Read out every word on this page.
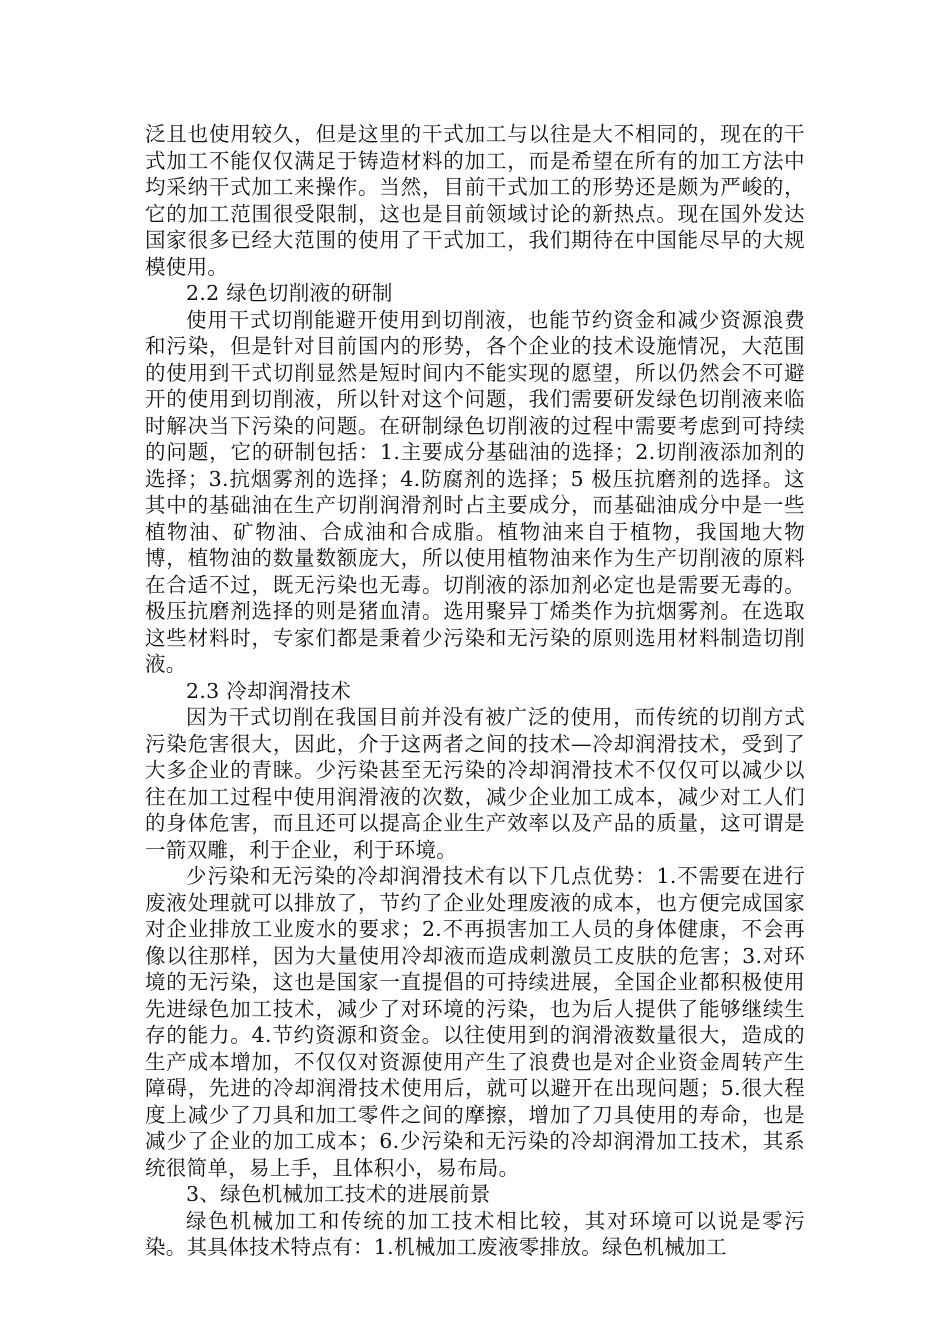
泛且也使用较久，但是这里的干式加工与以往是大不相同的，现在的干式加工不能仅仅满足于铸造材料的加工，而是希望在所有的加工方法中均采纳干式加工来操作。当然，目前干式加工的形势还是颇为严峻的，它的加工范围很受限制，这也是目前领域讨论的新热点。现在国外发达国家很多已经大范围的使用了干式加工，我们期待在中国能尽早的大规模使用。

2.2 绿色切削液的研制

使用干式切削能避开使用到切削液，也能节约资金和减少资源浪费和污染，但是针对目前国内的形势，各个企业的技术设施情况，大范围的使用到干式切削显然是短时间内不能实现的愿望，所以仍然会不可避开的使用到切削液，所以针对这个问题，我们需要研发绿色切削液来临时解决当下污染的问题。在研制绿色切削液的过程中需要考虑到可持续的问题，它的研制包括：1.主要成分基础油的选择；2.切削液添加剂的选择；3.抗烟雾剂的选择；4.防腐剂的选择；5 极压抗磨剂的选择。这其中的基础油在生产切削润滑剂时占主要成分，而基础油成分中是一些植物油、矿物油、合成油和合成脂。植物油来自于植物，我国地大物博，植物油的数量数额庞大，所以使用植物油来作为生产切削液的原料在合适不过，既无污染也无毒。切削液的添加剂必定也是需要无毒的。极压抗磨剂选择的则是猪血清。选用聚异丁烯类作为抗烟雾剂。在选取这些材料时，专家们都是秉着少污染和无污染的原则选用材料制造切削液。

2.3 冷却润滑技术

因为干式切削在我国目前并没有被广泛的使用，而传统的切削方式污染危害很大，因此，介于这两者之间的技术—冷却润滑技术，受到了大多企业的青睐。少污染甚至无污染的冷却润滑技术不仅仅可以减少以往在加工过程中使用润滑液的次数，减少企业加工成本，减少对工人们的身体危害，而且还可以提高企业生产效率以及产品的质量，这可谓是一箭双雕，利于企业，利于环境。

少污染和无污染的冷却润滑技术有以下几点优势：1.不需要在进行废液处理就可以排放了，节约了企业处理废液的成本，也方便完成国家对企业排放工业废水的要求；2.不再损害加工人员的身体健康，不会再像以往那样，因为大量使用冷却液而造成刺激员工皮肤的危害；3.对环境的无污染，这也是国家一直提倡的可持续进展，全国企业都积极使用先进绿色加工技术，减少了对环境的污染，也为后人提供了能够继续生存的能力。4.节约资源和资金。以往使用到的润滑液数量很大，造成的生产成本增加，不仅仅对资源使用产生了浪费也是对企业资金周转产生障碍，先进的冷却润滑技术使用后，就可以避开在出现问题；5.很大程度上减少了刀具和加工零件之间的摩擦，增加了刀具使用的寿命，也是减少了企业的加工成本；6.少污染和无污染的冷却润滑加工技术，其系统很简单，易上手，且体积小，易布局。

3、绿色机械加工技术的进展前景

绿色机械加工和传统的加工技术相比较，其对环境可以说是零污染。其具体技术特点有：1.机械加工废液零排放。绿色机械加工
